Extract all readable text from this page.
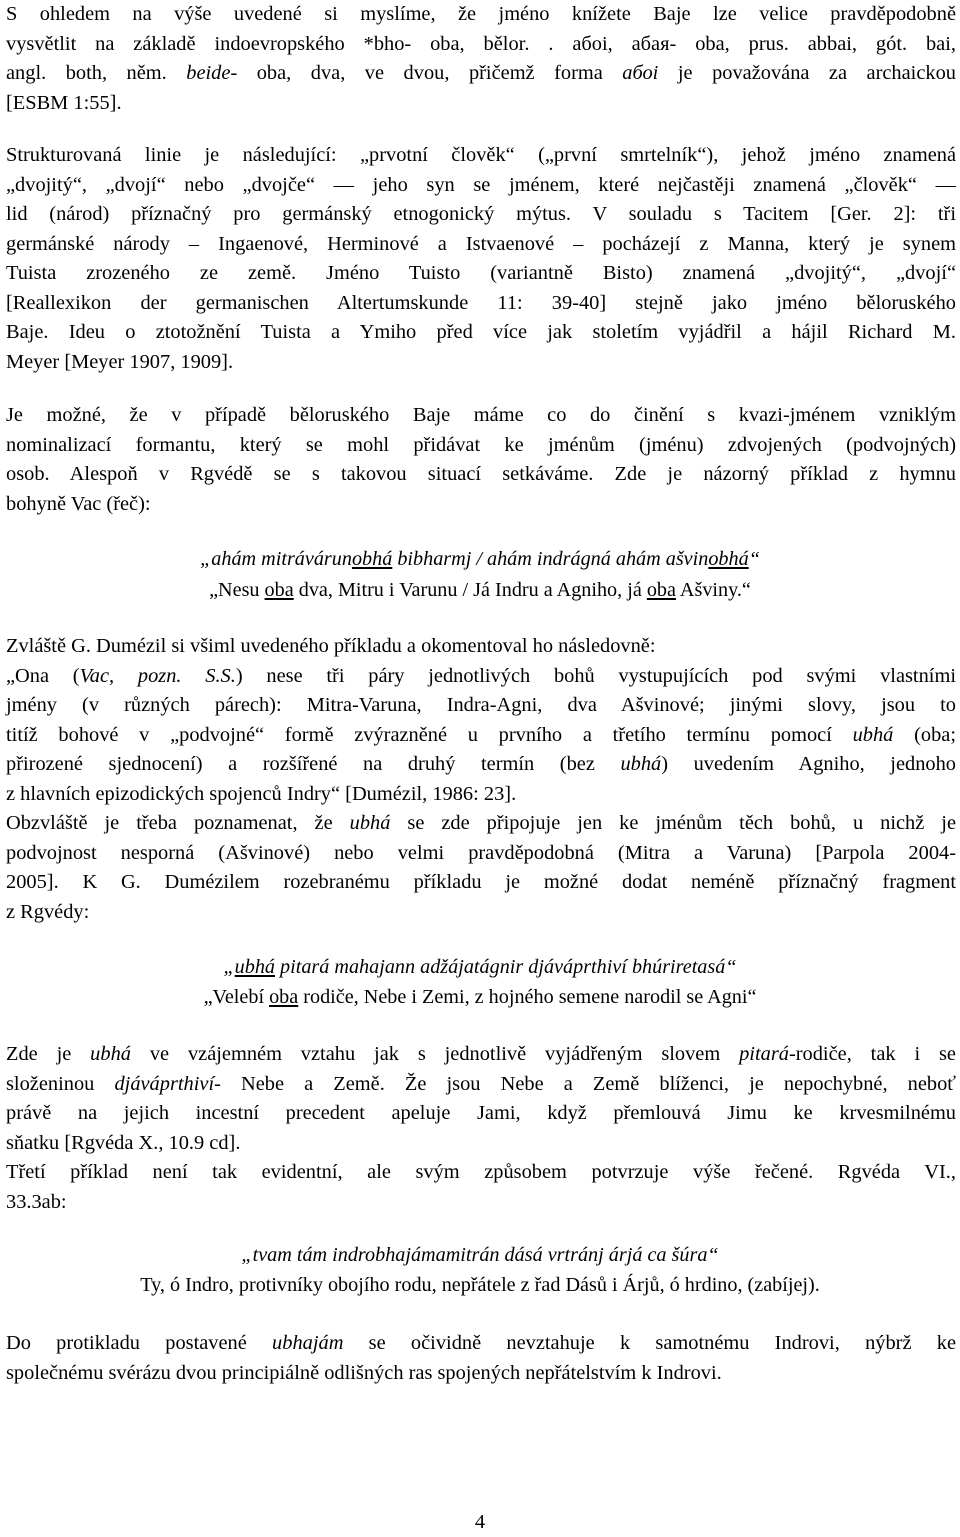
S ohledem na výše uvedené si myslíme, že jméno knížete Baje lze velice pravděpodobně
vysvětlit na základě indoevropského *bho- oba, bělor. . абоі, абая- oba, prus. abbai, gót. bai,
angl. both, něm. beide- oba, dva, ve dvou, přičemž forma абоі je považována za archaickou
[ESBM 1:55].

Strukturovaná linie je následující: „prvotní člověk“ („první smrtelník“), jehož jméno znamená
„dvojitý“, „dvojí“ nebo „dvojče“ — jeho syn se jménem, které nejčastěji znamená „člověk“ —
lid (národ) příznačný pro germánský etnogonický mýtus. V souladu s Tacitem [Ger. 2]: tři
germánské národy – Ingaenové, Herminové a Istvaenové – pocházejí z Manna, který je synem
Tuista zrozeného ze země. Jméno Tuisto (variantně Bisto) znamená „dvojitý“, „dvojí“
[Reallexikon der germanischen Altertumskunde 11: 39-40] stejně jako jméno běloruského
Baje. Ideu o ztotožnění Tuista a Ymiho před více jak stoletím vyjádřil a hájil Richard M.
Meyer [Meyer 1907, 1909].

Je možné, že v případě běloruského Baje máme co do činění s kvazi-jménem vzniklým
nominalizací formantu, který se mohl přidávat ke jménům (jménu) zdvojených (podvojných)
osob. Alespoň v Rgvédě se s takovou situací setkáváme. Zde je názorný příklad z hymnu
bohyně Vac (řeč):

„ahám mitrávárunobhá bibharmj / ahám indrágná ahám ašvinobhá“
„Nesu oba dva, Mitru i Varunu / Já Indru a Agniho, já oba Ašviny.“

Zvláště G. Dumézil si všiml uvedeného příkladu a okomentoval ho následovně:
„Ona (Vac, pozn. S.S.) nese tři páry jednotlivých bohů vystupujících pod svými vlastními
jmény (v různých párech): Mitra-Varuna, Indra-Agni, dva Ašvinové; jinými slovy, jsou to
titíž bohové v „podvojné“ formě zvýrazněné u prvního a třetího termínu pomocí ubhá (oba;
přirozené sjednocení) a rozšířené na druhý termín (bez ubhá) uvedením Agniho, jednoho
z hlavních epizodických spojenců Indry“ [Dumézil, 1986: 23].
Obzvláště je třeba poznamenat, že ubhá se zde připojuje jen ke jménům těch bohů, u nichž je
podvojnost nesporná (Ašvinové) nebo velmi pravděpodobná (Mitra a Varuna) [Parpola 2004-
2005]. K G. Dumézilem rozebranému příkladu je možné dodat neméně příznačný fragment
z Rgvédy:

„ubhá pitará mahajann adžájatágnir djáváprthiví bhúriretasá“
„Velebí oba rodiče, Nebe i Zemi, z hojného semene narodil se Agni“

Zde je ubhá ve vzájemném vztahu jak s jednotlivě vyjádřeným slovem pitará-rodiče, tak i se
složeninou djáváprthiví- Nebe a Země. Že jsou Nebe a Země blíženci, je nepochybné, neboť
právě na jejich incestní precedent apeluje Jami, když přemlouvá Jimu ke krvesmilnému
sňatku [Rgvéda X., 10.9 cd].
Třetí příklad není tak evidentní, ale svým způsobem potvrzuje výše řečené. Rgvéda VI.,
33.3ab:

„tvam tám indrobhajámamitrán dásá vrtránj árjá ca šúra“
Ty, ó Indro, protivníky obojího rodu, nepřátele z řad Dásů i Árjů, ó hrdino, (zabíjej).

Do protikladu postavené ubhajám se očividně nevztahuje k samotnému Indrovi, nýbrž ke
společnému svérázu dvou principiálně odlišných ras spojených nepřátelstvím k Indrovi.

4
